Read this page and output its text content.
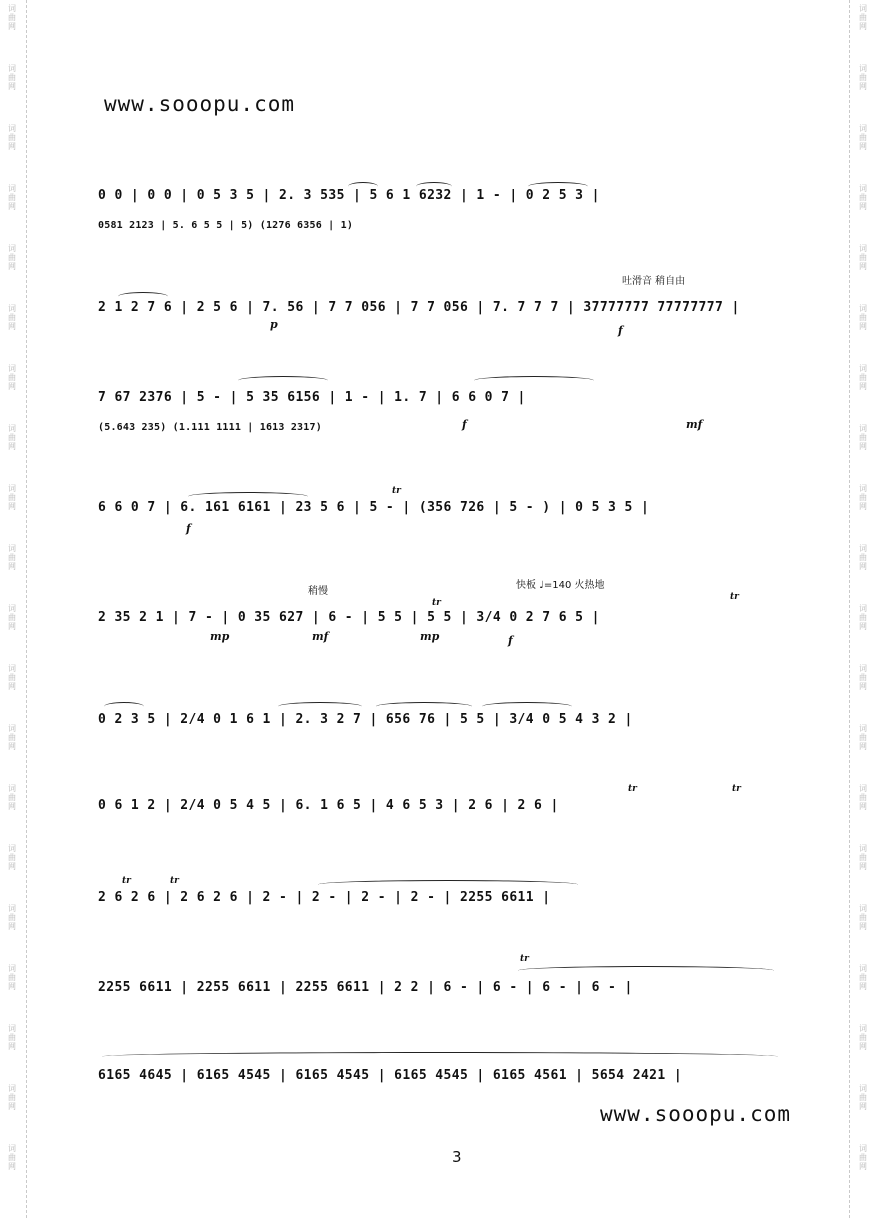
词
曲
网
词
曲
网
词
曲
网
词
曲
网
词
曲
网
词
曲
网
词
曲
网
词
曲
网
词
曲
网
词
曲
网
词
曲
网
词
曲
网
词
曲
网
词
曲
网
词
曲
网
词
曲
网
词
曲
网
词
曲
网
词
曲
网
词
曲
网
词
曲
网
词
曲
网
词
曲
网
词
曲
网
词
曲
网
词
曲
网
词
曲
网
词
曲
网
词
曲
网
词
曲
网
词
曲
网
词
曲
网
词
曲
网
词
曲
网
词
曲
网
词
曲
网
词
曲
网
词
曲
网
词
曲
网
词
曲
网
www.sooopu.com
0 0 | 0 0 | 0 5 3 5 | 2. 3 535 | 5 6 1 6232 | 1 - | 0 2 5 3 |
0581 2123 | 5. 6 5 5 | 5) (1276 6356 | 1)
吐滑音 稍自由
2 1 2 7 6 | 2 5 6 | 7. 56 | 7 7 056 | 7 7 056 | 7. 7 7 7 | 37777777 77777777 |
p	f
7 67 2376 | 5 - | 5 35 6156 | 1 - | 1. 7 | 6 6 0 7 |
(5.643 235) (1.111 1111 | 1613 2317)	f	mf
6 6 0 7 | 6. 161 6161 | 23 5 6 | 5 - | (356 726 | 5 - ) | 0 5 3 5 |
f
tr
稍慢
快板 ♩=140 火热地
2 35 2 1 | 7 - | 0 35 627 | 6 - | 5 5 | 5 5 | 3/4 0 2 7 6 5 |
mp	mf	mp	f
tr
tr
0 2 3 5 | 2/4 0 1 6 1 | 2. 3 2 7 | 656 76 | 5 5 | 3/4 0 5 4 3 2 |
0 6 1 2 | 2/4 0 5 4 5 | 6. 1 6 5 | 4 6 5 3 | 2 6 | 2 6 |
tr	tr
2 6 2 6 | 2 6 2 6 | 2 - | 2 - | 2 - | 2 - | 2255 6611 |
tr	tr
2255 6611 | 2255 6611 | 2255 6611 | 2 2 | 6 - | 6 - | 6 - | 6 - |
tr
6165 4645 | 6165 4545 | 6165 4545 | 6165 4545 | 6165 4561 | 5654 2421 |
www.sooopu.com
3
